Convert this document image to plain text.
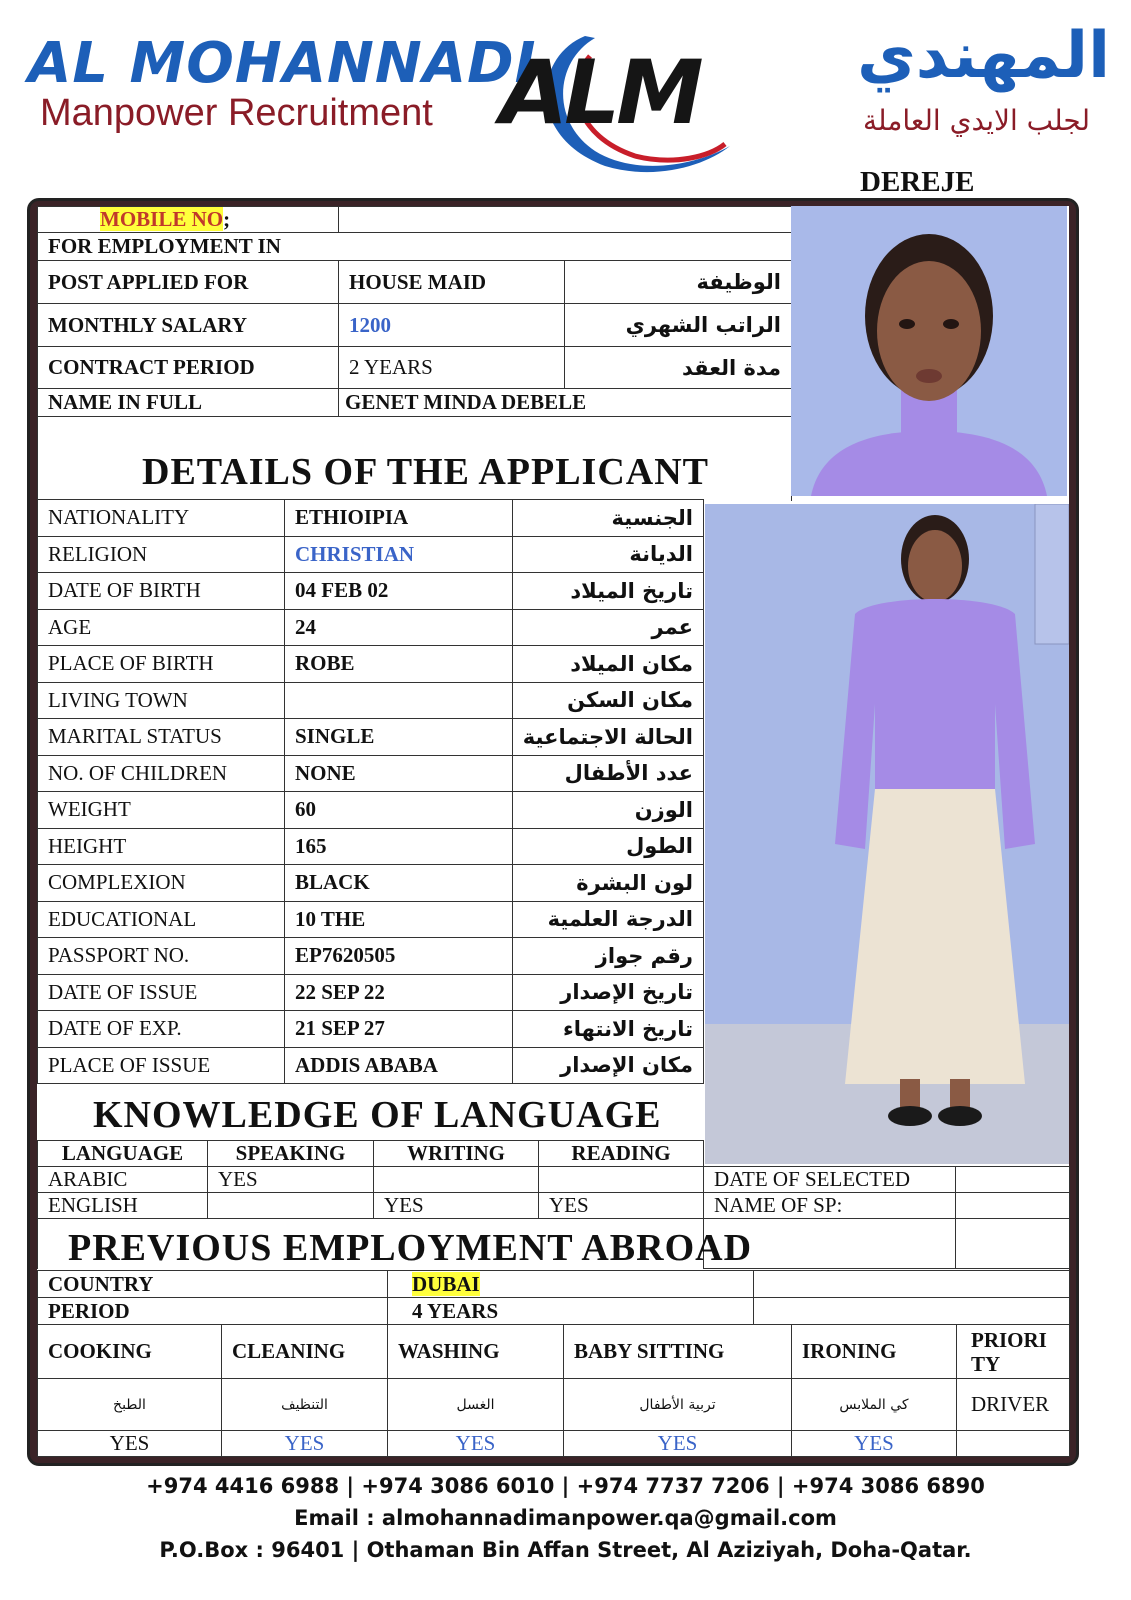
AL MOHANNADI
Manpower Recruitment ALM	المهندي
لجلب الايدي العاملة
DEREJE
MOBILE NO;		
FOR EMPLOYMENT IN		
POST APPLIED FOR	HOUSE MAID	الوظيفة
MONTHLY SALARY	1200	الراتب الشهري
CONTRACT PERIOD	2 YEARS	مدة العقد
NAME IN FULL	GENET MINDA DEBELE	

DETAILS OF THE APPLICANT
NATIONALITY	ETHIOIPIA	الجنسية
RELIGION	CHRISTIAN	الديانة
DATE OF BIRTH	04 FEB 02	تاريخ الميلاد
AGE	24	عمر
PLACE OF BIRTH	ROBE	مكان الميلاد
LIVING TOWN		مكان السكن
MARITAL STATUS	SINGLE	الحالة الاجتماعية
NO. OF CHILDREN	NONE	عدد الأطفال
WEIGHT	60	الوزن
HEIGHT	165	الطول
COMPLEXION	BLACK	لون البشرة
EDUCATIONAL	10 THE	الدرجة العلمية
PASSPORT NO.	EP7620505	رقم جواز
DATE OF ISSUE	22 SEP 22	تاريخ الإصدار
DATE OF EXP.	21 SEP 27	تاريخ الانتهاء
PLACE OF ISSUE	ADDIS ABABA	مكان الإصدار
KNOWLEDGE OF LANGUAGE
LANGUAGE	SPEAKING	WRITING	READING
ARABIC	YES		
ENGLISH		YES	YES

DATE OF SELECTED	
NAME OF SP:	

PREVIOUS EMPLOYMENT ABROAD
COUNTRY	DUBAI	
PERIOD	4 YEARS	
COOKING	CLEANING	WASHING	BABY SITTING	IRONING	PRIORI TY
الطبخ	التنظيف	الغسل	تربية الأطفال	كي الملابس	DRIVER
YES	YES	YES	YES	YES	
+974 4416 6988 | +974 3086 6010 | +974 7737 7206 | +974 3086 6890
Email : almohannadimanpower.qa@gmail.com
P.O.Box : 96401 | Othaman Bin Affan Street, Al Aziziyah, Doha-Qatar.
